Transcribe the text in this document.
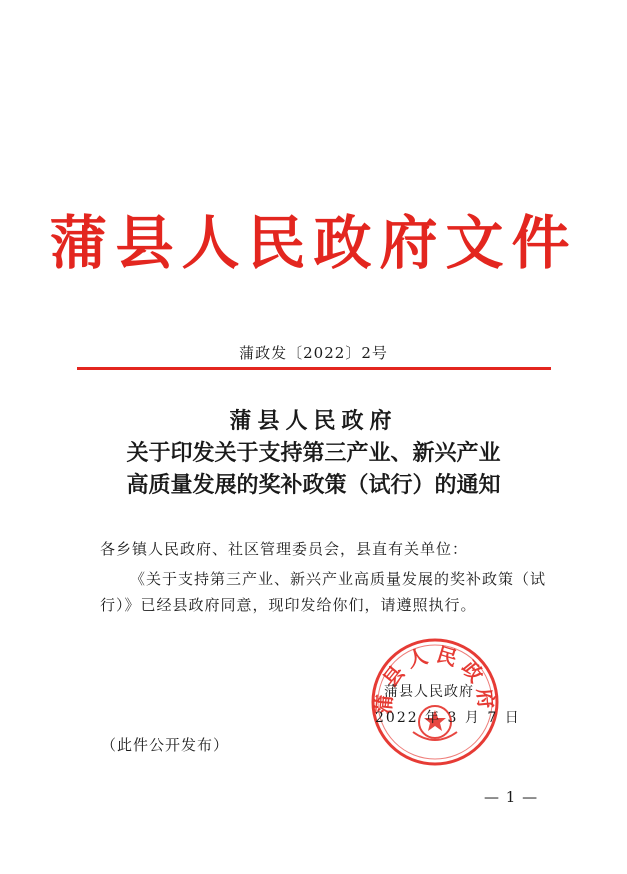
蒲县人民政府文件
蒲政发〔2022〕2号
蒲县人民政府
关于印发关于支持第三产业、新兴产业
高质量发展的奖补政策（试行）的通知
各乡镇人民政府、社区管理委员会，县直有关单位：
《关于支持第三产业、新兴产业高质量发展的奖补政策（试行）》已经县政府同意，现印发给你们，请遵照执行。
蒲县人民政府
蒲县人民政府
2022 年 3 月 7 日
（此件公开发布）
— 1 —
